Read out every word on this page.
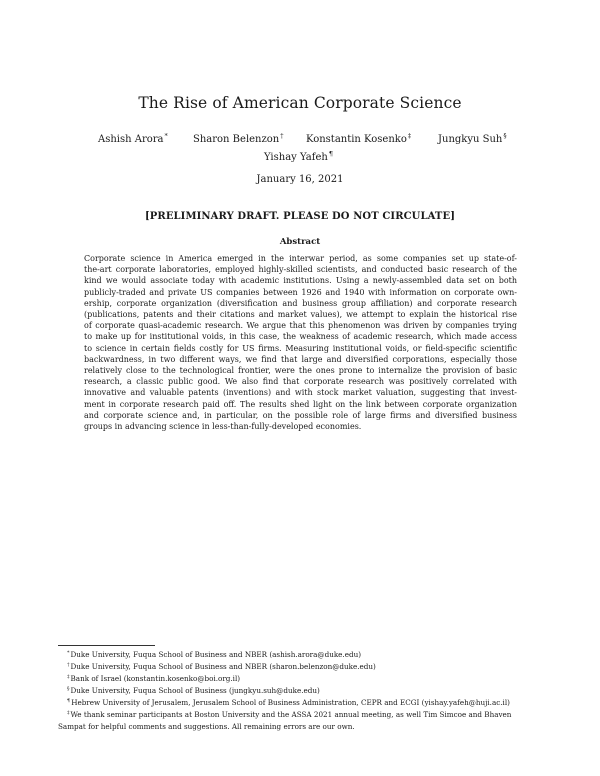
The Rise of American Corporate Science
Ashish Arora*	Sharon Belenzon† Konstantin Kosenko‡	Jungkyu Suh§
Yishay Yafeh¶
January 16, 2021
[PRELIMINARY DRAFT. PLEASE DO NOT CIRCULATE]
Abstract
Corporate science in America emerged in the interwar period, as some companies set up state-of-
the-art corporate laboratories, employed highly-skilled scientists, and conducted basic research of the
kind we would associate today with academic institutions. Using a newly-assembled data set on both
publicly-traded and private US companies between 1926 and 1940 with information on corporate own-
ership, corporate organization (diversification and business group affiliation) and corporate research
(publications, patents and their citations and market values), we attempt to explain the historical rise
of corporate quasi-academic research. We argue that this phenomenon was driven by companies trying
to make up for institutional voids, in this case, the weakness of academic research, which made access
to science in certain fields costly for US firms. Measuring institutional voids, or field-specific scientific
backwardness, in two different ways, we find that large and diversified corporations, especially those
relatively close to the technological frontier, were the ones prone to internalize the provision of basic
research, a classic public good. We also find that corporate research was positively correlated with
innovative and valuable patents (inventions) and with stock market valuation, suggesting that invest-
ment in corporate research paid off. The results shed light on the link between corporate organization
and corporate science and, in particular, on the possible role of large firms and diversified business
groups in advancing science in less-than-fully-developed economies.
*Duke University, Fuqua School of Business and NBER (ashish.arora@duke.edu)
†Duke University, Fuqua School of Business and NBER (sharon.belenzon@duke.edu)
‡Bank of Israel (konstantin.kosenko@boi.org.il)
§Duke University, Fuqua School of Business (jungkyu.suh@duke.edu)
¶Hebrew University of Jerusalem, Jerusalem School of Business Administration, CEPR and ECGI (yishay.yafeh@huji.ac.il)
‡We thank seminar participants at Boston University and the ASSA 2021 annual meeting, as well Tim Simcoe and Bhaven
Sampat for helpful comments and suggestions. All remaining errors are our own.
